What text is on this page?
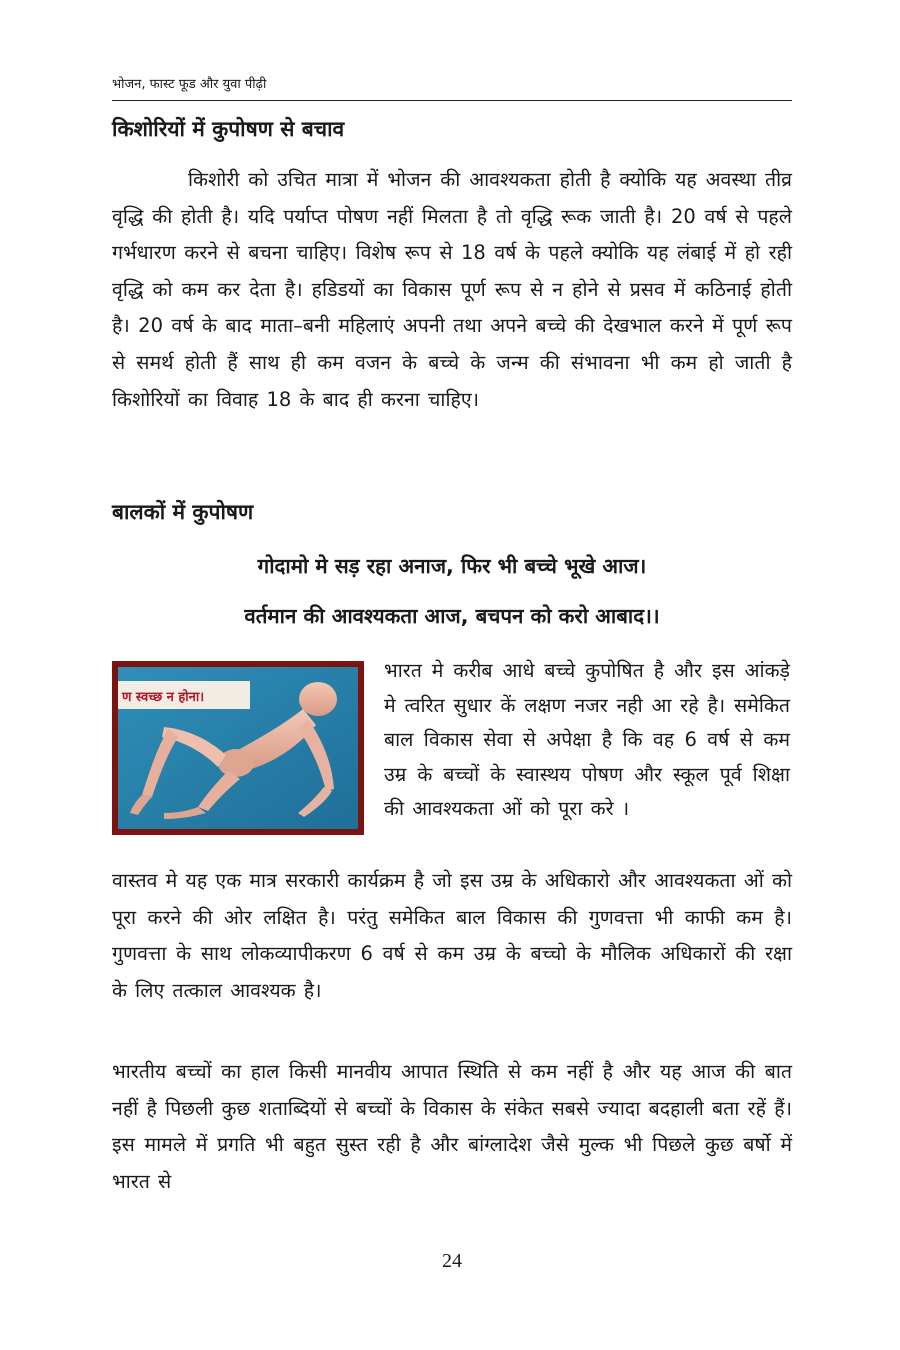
भोजन, फास्ट फूड और युवा पीढ़ी
किशोरियों में कुपोषण से बचाव

किशोरी को उचित मात्रा में भोजन की आवश्यकता होती है क्योकि यह अवस्था तीव्र वृद्धि की होती है। यदि पर्याप्त पोषण नहीं मिलता है तो वृद्धि रूक जाती है। 20 वर्ष से पहले गर्भधारण करने से बचना चाहिए। विशेष रूप से 18 वर्ष के पहले क्योकि यह लंबाई में हो रही वृद्धि को कम कर देता है। हडिडयों का विकास पूर्ण रूप से न होने से प्रसव में कठिनाई होती है। 20 वर्ष के बाद माता–बनी महिलाएं अपनी तथा अपने बच्चे की देखभाल करने में पूर्ण रूप से समर्थ होती हैं साथ ही कम वजन के बच्चे के जन्म की संभावना भी कम हो जाती है किशोरियों का विवाह 18 के बाद ही करना चाहिए।

बालकों में कुपोषण

गोदामो मे सड़ रहा अनाज, फिर भी बच्चे भूखे आज।

वर्तमान की आवश्यकता आज, बचपन को करो आबाद।।

ण स्वच्छ न होना।

भारत मे करीब आधे बच्चे कुपोषित है और इस आंकड़े मे त्वरित सुधार कें लक्षण नजर नही आ रहे है। समेकित बाल विकास सेवा से अपेक्षा है कि वह 6 वर्ष से कम उम्र के बच्चों के स्वास्थय पोषण और स्कूल पूर्व शिक्षा की आवश्यकता ओं को पूरा करे ।

वास्तव मे यह एक मात्र सरकारी कार्यक्रम है जो इस उम्र के अधिकारो और आवश्यकता ओं को पूरा करने की ओर लक्षित है। परंतु समेकित बाल विकास की गुणवत्ता भी काफी कम है। गुणवत्ता के साथ लोकव्यापीकरण 6 वर्ष से कम उम्र के बच्चो के मौलिक अधिकारों की रक्षा के लिए तत्काल आवश्यक है।

भारतीय बच्चों का हाल किसी मानवीय आपात स्थिति से कम नहीं है और यह आज की बात नहीं है पिछली कुछ शताब्दियों से बच्चों के विकास के संकेत सबसे ज्यादा बदहाली बता रहें हैं। इस मामले में प्रगति भी बहुत सुस्त रही है और बांग्लादेश जैसे मुल्क भी पिछले कुछ बर्षो में भारत से

24
